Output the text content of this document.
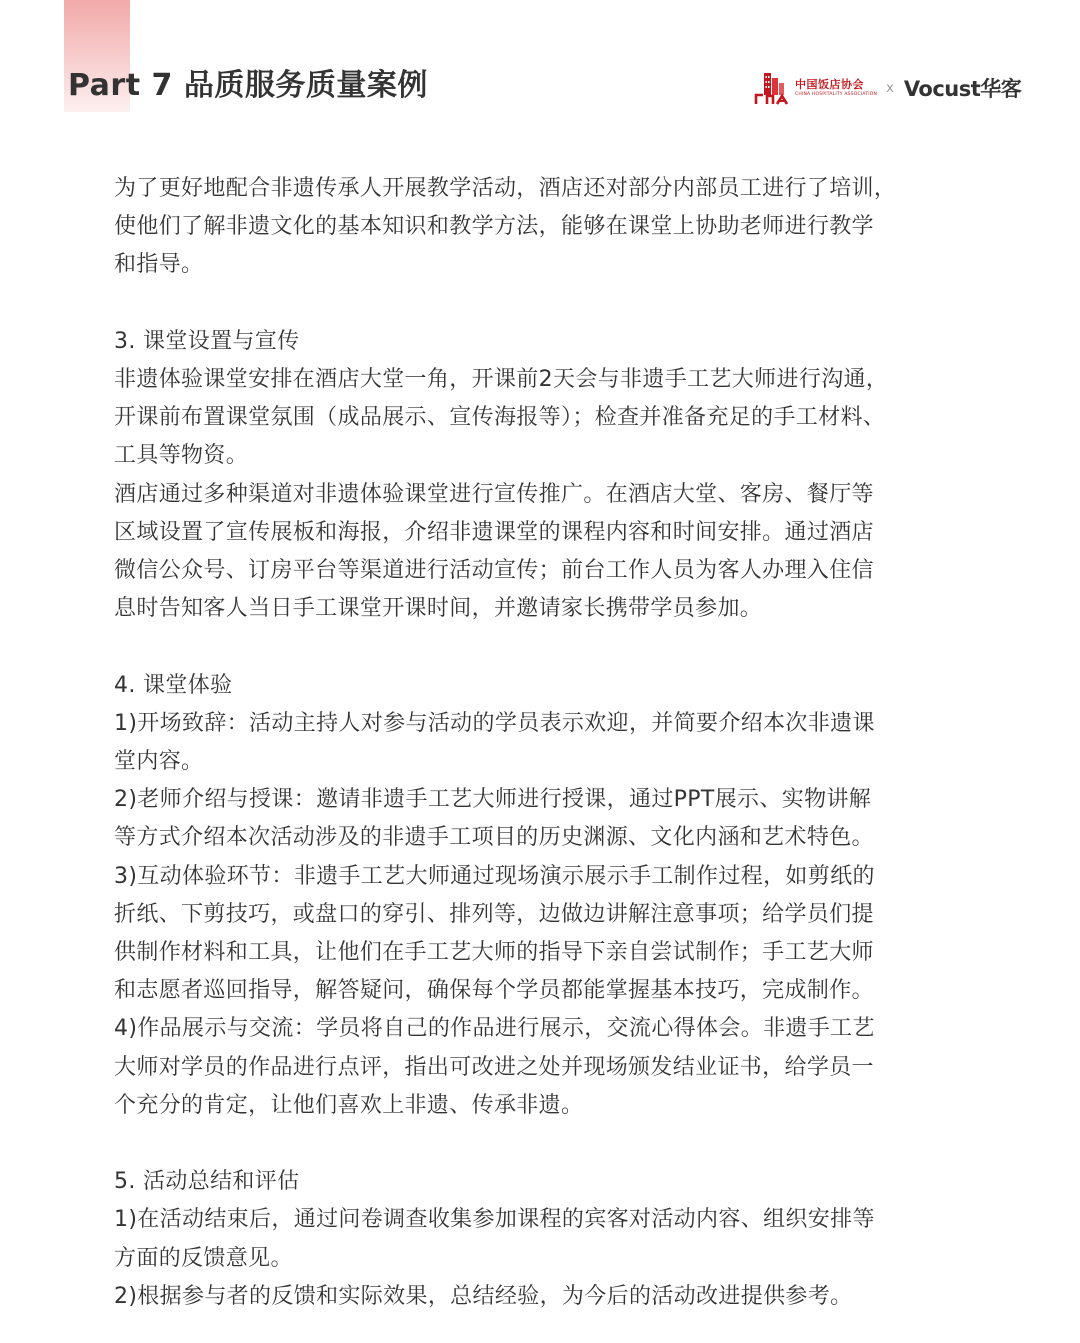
Part 7 品质服务质量案例	中国饭店协会
CHINA HOSPITALITY ASSOCIATION x Vocust华客

为了更好地配合非遗传承人开展教学活动，酒店还对部分内部员工进行了培训，

使他们了解非遗文化的基本知识和教学方法，能够在课堂上协助老师进行教学

和指导。

3. 课堂设置与宣传

非遗体验课堂安排在酒店大堂一角，开课前2天会与非遗手工艺大师进行沟通，

开课前布置课堂氛围（成品展示、宣传海报等）；检查并准备充足的手工材料、

工具等物资。

酒店通过多种渠道对非遗体验课堂进行宣传推广。在酒店大堂、客房、餐厅等

区域设置了宣传展板和海报，介绍非遗课堂的课程内容和时间安排。通过酒店

微信公众号、订房平台等渠道进行活动宣传；前台工作人员为客人办理入住信

息时告知客人当日手工课堂开课时间，并邀请家长携带学员参加。

4. 课堂体验

1)开场致辞：活动主持人对参与活动的学员表示欢迎，并简要介绍本次非遗课

堂内容。

2)老师介绍与授课：邀请非遗手工艺大师进行授课，通过PPT展示、实物讲解

等方式介绍本次活动涉及的非遗手工项目的历史渊源、文化内涵和艺术特色。

3)互动体验环节：非遗手工艺大师通过现场演示展示手工制作过程，如剪纸的

折纸、下剪技巧，或盘口的穿引、排列等，边做边讲解注意事项；给学员们提

供制作材料和工具，让他们在手工艺大师的指导下亲自尝试制作；手工艺大师

和志愿者巡回指导，解答疑问，确保每个学员都能掌握基本技巧，完成制作。

4)作品展示与交流：学员将自己的作品进行展示，交流心得体会。非遗手工艺

大师对学员的作品进行点评，指出可改进之处并现场颁发结业证书，给学员一

个充分的肯定，让他们喜欢上非遗、传承非遗。

5. 活动总结和评估

1)在活动结束后，通过问卷调查收集参加课程的宾客对活动内容、组织安排等

方面的反馈意见。

2)根据参与者的反馈和实际效果，总结经验，为今后的活动改进提供参考。
